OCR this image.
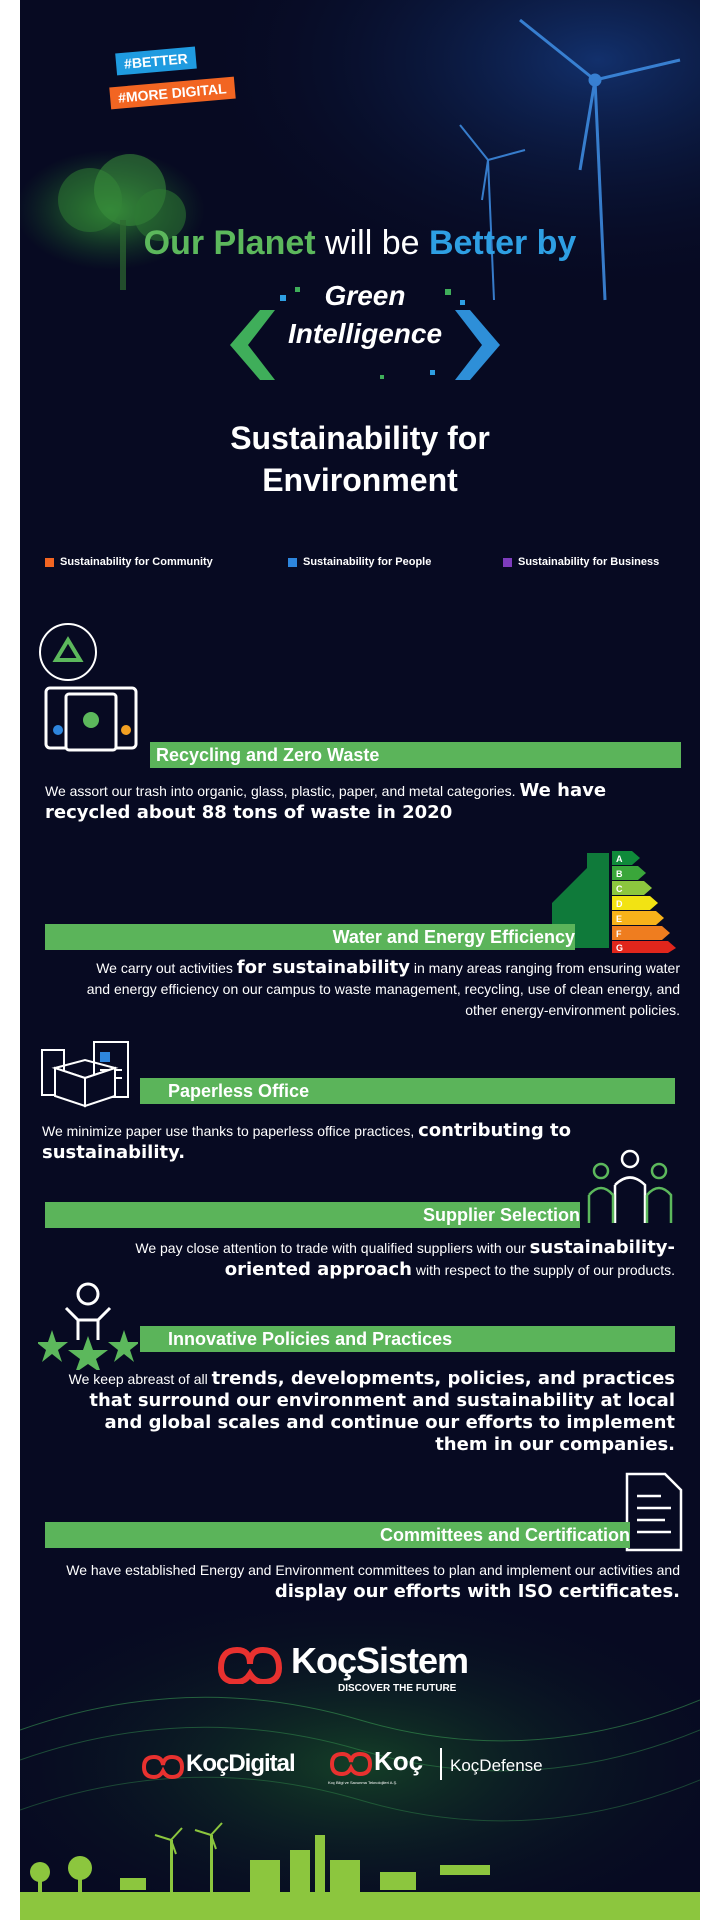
#BETTER
#MORE DIGITAL
Our Planet will be Better by
Green
Intelligence
Sustainability for
Environment
Sustainability for Community	Sustainability for People	Sustainability for Business
Recycling and Zero Waste
We assort our trash into organic, glass, plastic, paper, and metal categories. We have recycled about 88 tons of waste in 2020
A
B
C
D
E
F
G
Water and Energy Efficiency
We carry out activities for sustainability in many areas ranging from ensuring water and energy efficiency on our campus to waste management, recycling, use of clean energy, and other energy-environment policies.
Paperless Office
We minimize paper use thanks to paperless office practices, contributing to sustainability.
Supplier Selection
We pay close attention to trade with qualified suppliers with our sustainability-oriented approach with respect to the supply of our products.
Innovative Policies and Practices
We keep abreast of all trends, developments, policies, and practices that surround our environment and sustainability at local and global scales and continue our efforts to implement them in our companies.
Committees and Certification
We have established Energy and Environment committees to plan and implement our activities and display our efforts with ISO certificates.
KoçSistem
DISCOVER THE FUTURE
KoçDigital	Koç
Koç Bilgi ve Savunma Teknolojileri A.Ş.
KoçDefense
